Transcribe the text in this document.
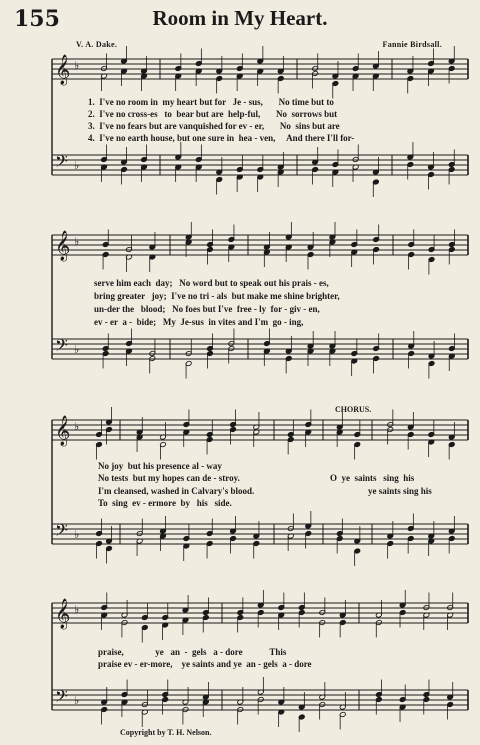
155	Room in My Heart.
V. A. Dake.	Fannie Birdsall.
𝄞 ♭
𝄢 ♭
𝄞 ♭
𝄢 ♭
𝄞 ♭
𝄢 ♭
𝄞 ♭
𝄢 ♭
1.  I've no room in  my heart but for   Je - sus,       No time but to
2.  I've no cross-es   to  bear but are  help-ful,       No  sorrows but
3.  I've no fears but are vanquished for ev - er,       No  sins but are
4.  I've no earth house, but one sure in  hea - ven,     And there I'll for-
serve him each  day;   No word but to speak out his prais - es,
bring greater   joy;  I've no tri - als  but make me shine brighter,
un-der the   blood;   No foes but I've  free - ly  for - giv - en,
ev - er  a -  bide;   My  Je-sus  in vites and I'm  go - ing,
CHORUS.
No joy  but his presence al - way
No tests  but my hopes can de - stroy.
I'm cleansed, washed in Calvary's blood.
To  sing  ev - ermore  by   his   side.
O  ye  saints   sing  his
ye saints sing his
praise,              ye   an  -  gels   a - dore            This
praise ev - er-more,    ye saints and ye  an - gels  a - dore
Copyright by T. H. Nelson.
